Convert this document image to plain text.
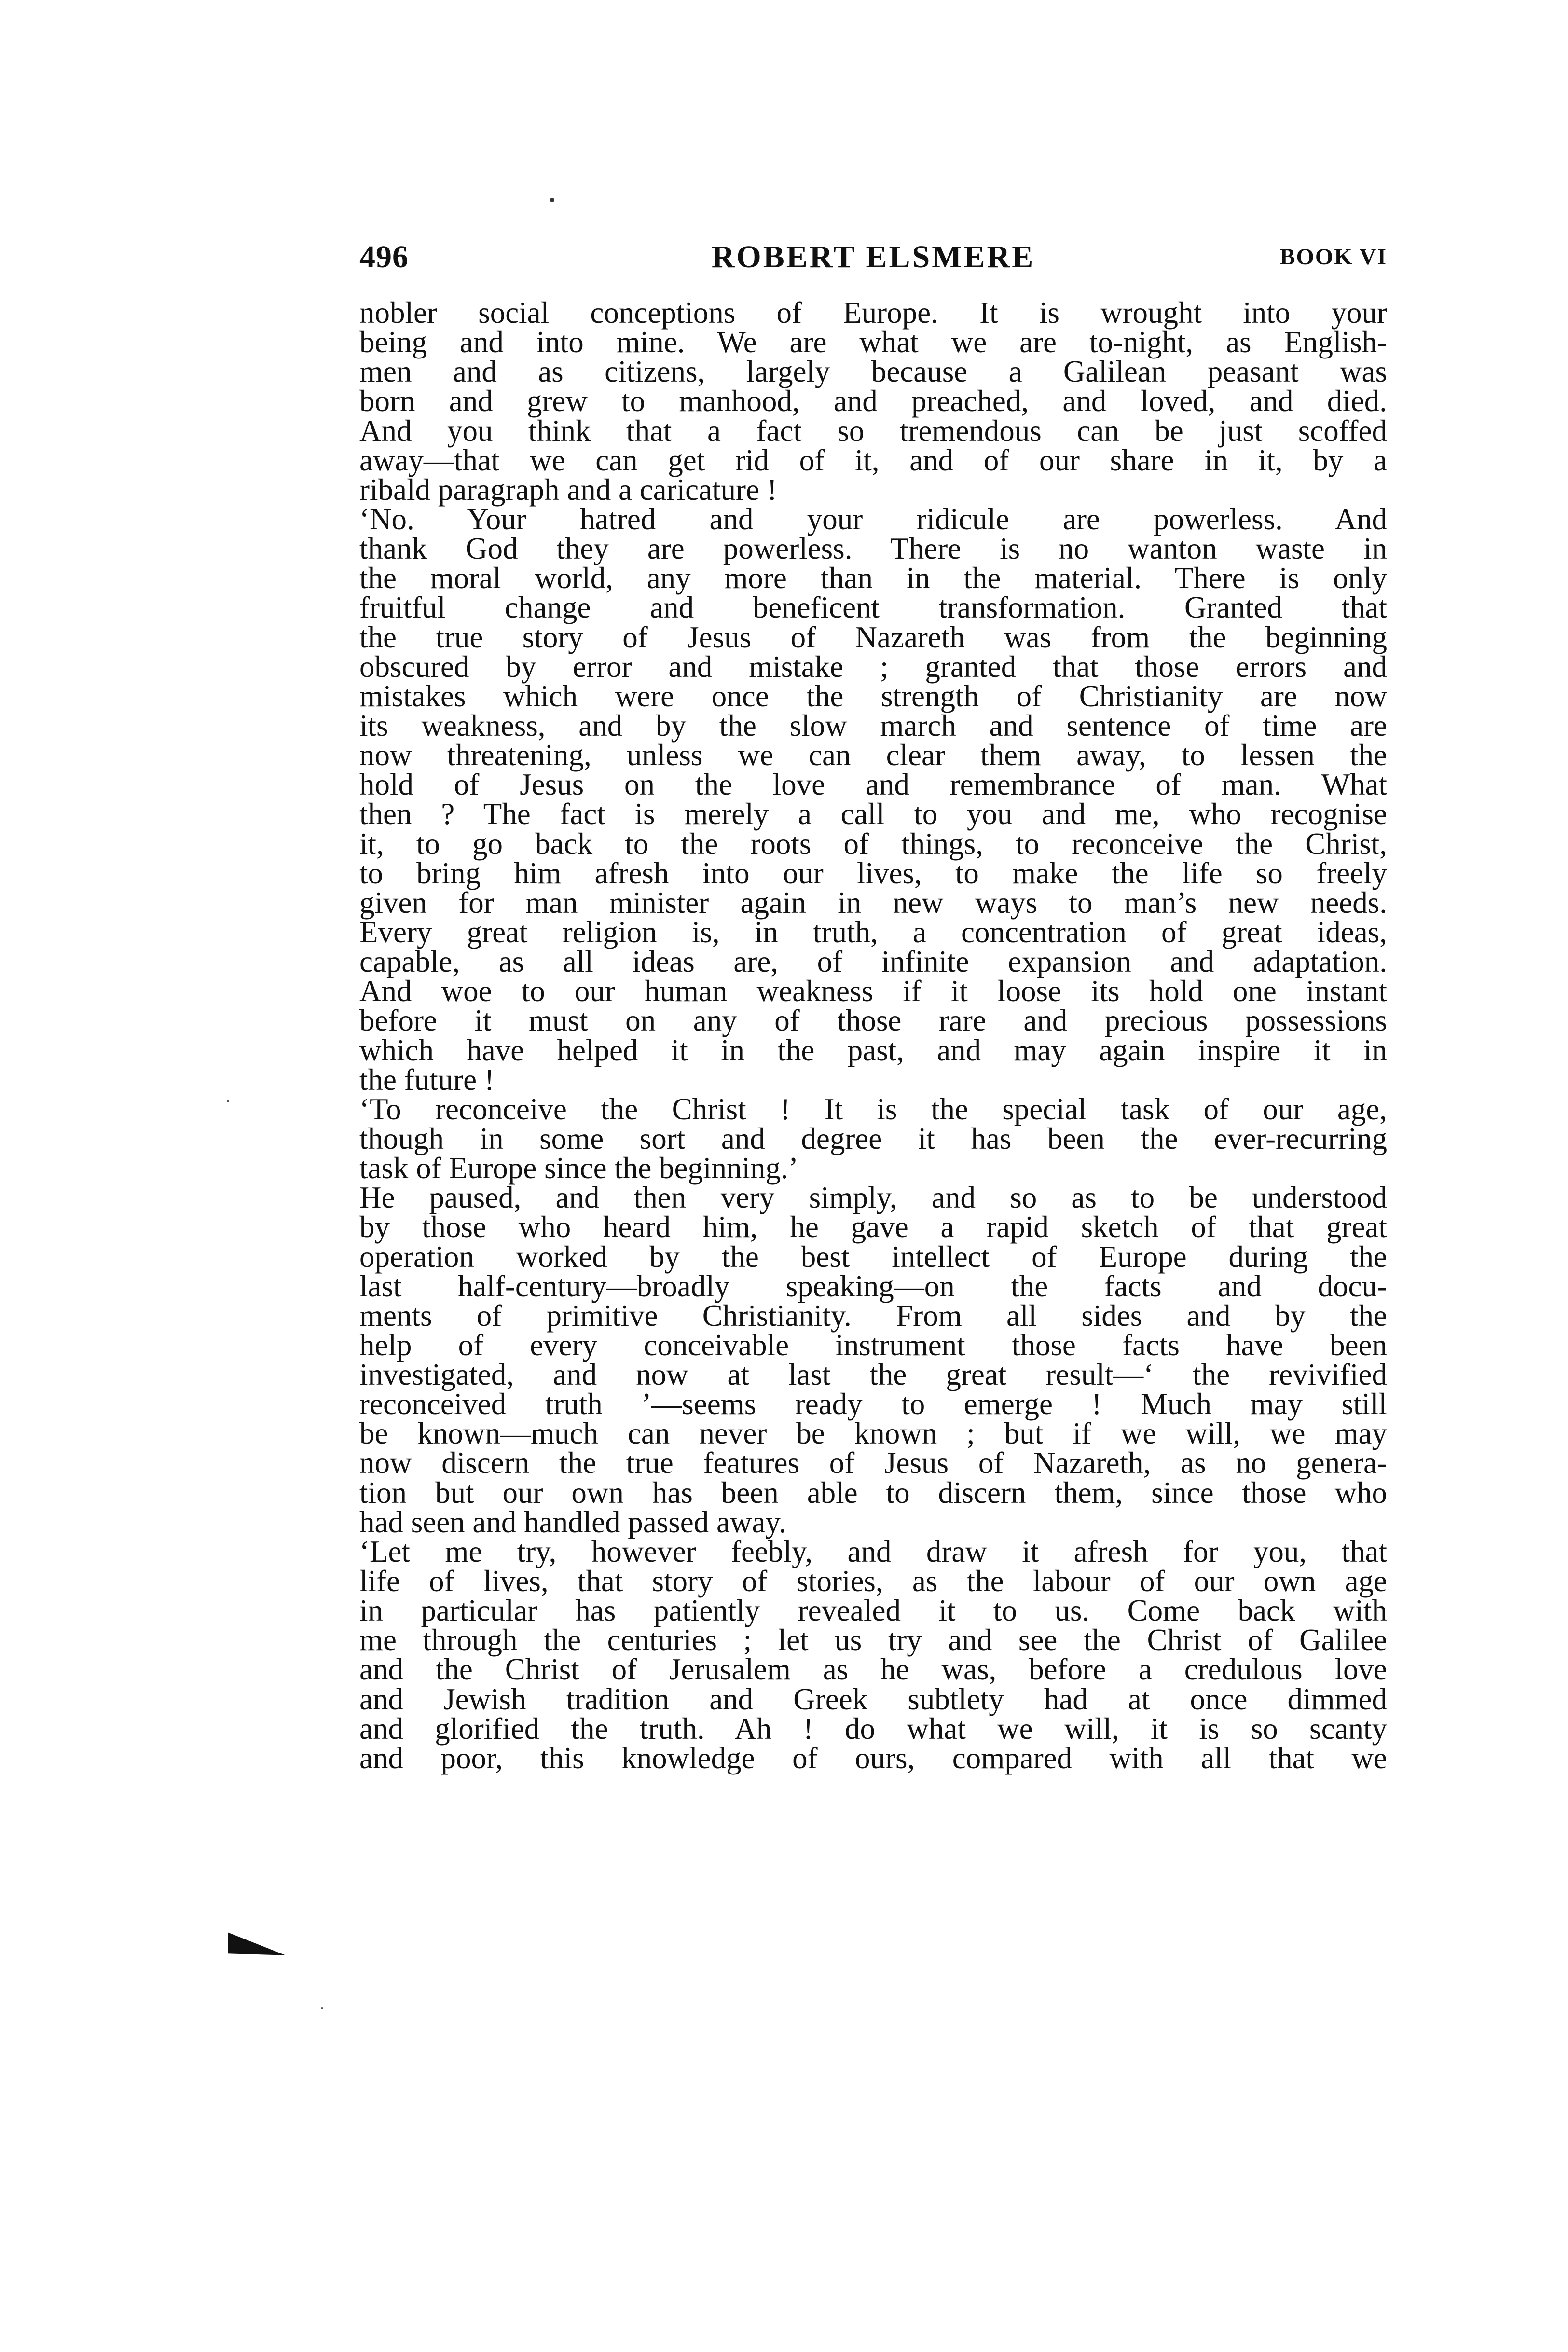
496	ROBERT ELSMERE	BOOK VI
nobler social conceptions of Europe. It is wrought into your
being and into mine. We are what we are to-night, as English-
men and as citizens, largely because a Galilean peasant was
born and grew to manhood, and preached, and loved, and died.
And you think that a fact so tremendous can be just scoffed
away—that we can get rid of it, and of our share in it, by a
ribald paragraph and a caricature !
‘No. Your hatred and your ridicule are powerless. And
thank God they are powerless. There is no wanton waste in
the moral world, any more than in the material. There is only
fruitful change and beneficent transformation. Granted that
the true story of Jesus of Nazareth was from the beginning
obscured by error and mistake ; granted that those errors and
mistakes which were once the strength of Christianity are now
its weakness, and by the slow march and sentence of time are
now threatening, unless we can clear them away, to lessen the
hold of Jesus on the love and remembrance of man. What
then ? The fact is merely a call to you and me, who recognise
it, to go back to the roots of things, to reconceive the Christ,
to bring him afresh into our lives, to make the life so freely
given for man minister again in new ways to man’s new needs.
Every great religion is, in truth, a concentration of great ideas,
capable, as all ideas are, of infinite expansion and adaptation.
And woe to our human weakness if it loose its hold one instant
before it must on any of those rare and precious possessions
which have helped it in the past, and may again inspire it in
the future !
‘To reconceive the Christ ! It is the special task of our age,
though in some sort and degree it has been the ever-recurring
task of Europe since the beginning.’
He paused, and then very simply, and so as to be understood
by those who heard him, he gave a rapid sketch of that great
operation worked by the best intellect of Europe during the
last half-century—broadly speaking—on the facts and docu-
ments of primitive Christianity. From all sides and by the
help of every conceivable instrument those facts have been
investigated, and now at last the great result—‘ the revivified
reconceived truth ’—seems ready to emerge ! Much may still
be known—much can never be known ; but if we will, we may
now discern the true features of Jesus of Nazareth, as no genera-
tion but our own has been able to discern them, since those who
had seen and handled passed away.
‘Let me try, however feebly, and draw it afresh for you, that
life of lives, that story of stories, as the labour of our own age
in particular has patiently revealed it to us. Come back with
me through the centuries ; let us try and see the Christ of Galilee
and the Christ of Jerusalem as he was, before a credulous love
and Jewish tradition and Greek subtlety had at once dimmed
and glorified the truth. Ah ! do what we will, it is so scanty
and poor, this knowledge of ours, compared with all that we
